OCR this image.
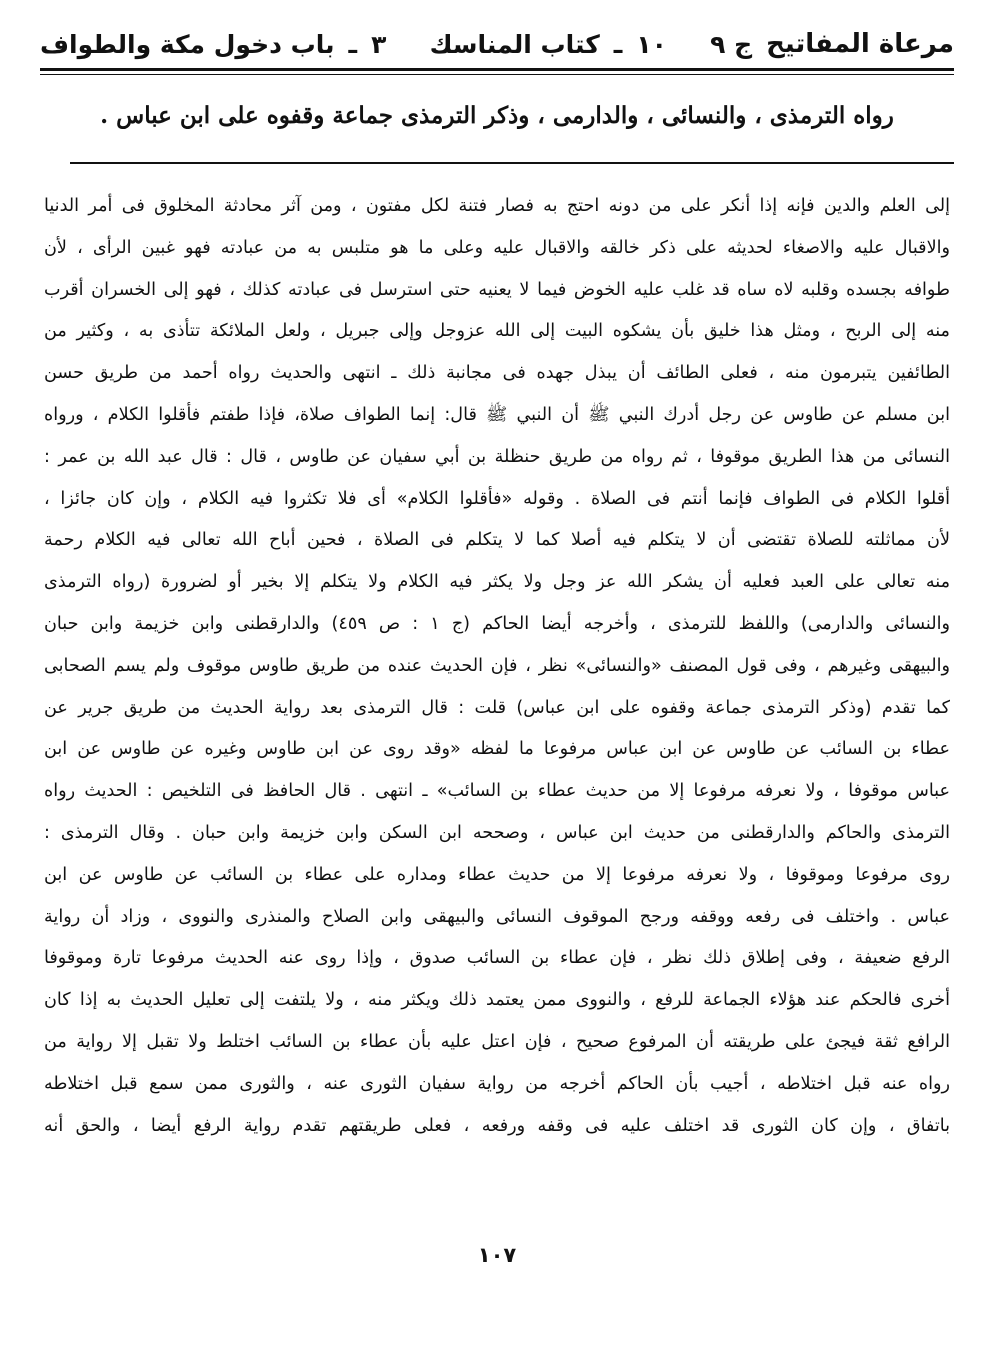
مرعاة المفاتيح
ج ٩
١٠
ـ
كتاب المناسك
٣
ـ
باب دخول مكة والطواف
رواه الترمذى ، والنسائى ، والدارمى ، وذكر الترمذى جماعة وقفوه على ابن عباس .
إلى العلم والدين فإنه إذا أنكر على من دونه احتج به فصار فتنة لكل مفتون ، ومن آثر محادثة المخلوق فى أمر الدنيا
والاقبال عليه والاصغاء لحديثه على ذكر خالقه والاقبال عليه وعلى ما هو متلبس به من عبادته فهو غبين الرأى ، لأن
طوافه بجسده وقلبه لاه ساه قد غلب عليه الخوض فيما لا يعنيه حتى استرسل فى عبادته كذلك ، فهو إلى الخسران أقرب
منه إلى الربح ، ومثل هذا خليق بأن يشكوه البيت إلى الله عزوجل وإلى جبريل ، ولعل الملائكة تتأذى به ، وكثير من
الطائفين يتبرمون منه ، فعلى الطائف أن يبذل جهده فى مجانبة ذلك ـ انتهى والحديث رواه أحمد من طريق حسن
ابن مسلم عن طاوس عن رجل أدرك النبي ﷺ أن النبي ﷺ قال: إنما الطواف صلاة، فإذا طفتم فأقلوا الكلام ، ورواه
النسائى من هذا الطريق موقوفا ، ثم رواه من طريق حنظلة بن أبي سفيان عن طاوس ، قال : قال عبد الله بن عمر :
أقلوا الكلام فى الطواف فإنما أنتم فى الصلاة . وقوله «فأقلوا الكلام» أى فلا تكثروا فيه الكلام ، وإن كان جائزا ،
لأن مماثلته للصلاة تقتضى أن لا يتكلم فيه أصلا كما لا يتكلم فى الصلاة ، فحين أباح الله تعالى فيه الكلام رحمة
منه تعالى على العبد فعليه أن يشكر الله عز وجل ولا يكثر فيه الكلام ولا يتكلم إلا بخير أو لضرورة (رواه الترمذى
والنسائى والدارمى) واللفظ للترمذى ، وأخرجه أيضا الحاكم (ج ١ : ص ٤٥٩) والدارقطنى وابن خزيمة وابن حبان
والبيهقى وغيرهم ، وفى قول المصنف «والنسائى» نظر ، فإن الحديث عنده من طريق طاوس موقوف ولم يسم الصحابى
كما تقدم (وذكر الترمذى جماعة وقفوه على ابن عباس) قلت : قال الترمذى بعد رواية الحديث من طريق جرير عن
عطاء بن السائب عن طاوس عن ابن عباس مرفوعا ما لفظه «وقد روى عن ابن طاوس وغيره عن طاوس عن ابن
عباس موقوفا ، ولا نعرفه مرفوعا إلا من حديث عطاء بن السائب» ـ انتهى . قال الحافظ فى التلخيص : الحديث رواه
الترمذى والحاكم والدارقطنى من حديث ابن عباس ، وصححه ابن السكن وابن خزيمة وابن حبان . وقال الترمذى :
روى مرفوعا وموقوفا ، ولا نعرفه مرفوعا إلا من حديث عطاء ومداره على عطاء بن السائب عن طاوس عن ابن
عباس . واختلف فى رفعه ووقفه ورجح الموقوف النسائى والبيهقى وابن الصلاح والمنذرى والنووى ، وزاد أن رواية
الرفع ضعيفة ، وفى إطلاق ذلك نظر ، فإن عطاء بن السائب صدوق ، وإذا روى عنه الحديث مرفوعا تارة وموقوفا
أخرى فالحكم عند هؤلاء الجماعة للرفع ، والنووى ممن يعتمد ذلك ويكثر منه ، ولا يلتفت إلى تعليل الحديث به إذا كان
الرافع ثقة فيجئ على طريقته أن المرفوع صحيح ، فإن اعتل عليه بأن عطاء بن السائب اختلط ولا تقبل إلا رواية من
رواه عنه قبل اختلاطه ، أجيب بأن الحاكم أخرجه من رواية سفيان الثورى عنه ، والثورى ممن سمع قبل اختلاطه
باتفاق ، وإن كان الثورى قد اختلف عليه فى وقفه ورفعه ، فعلى طريقتهم تقدم رواية الرفع أيضا ، والحق أنه
١٠٧
